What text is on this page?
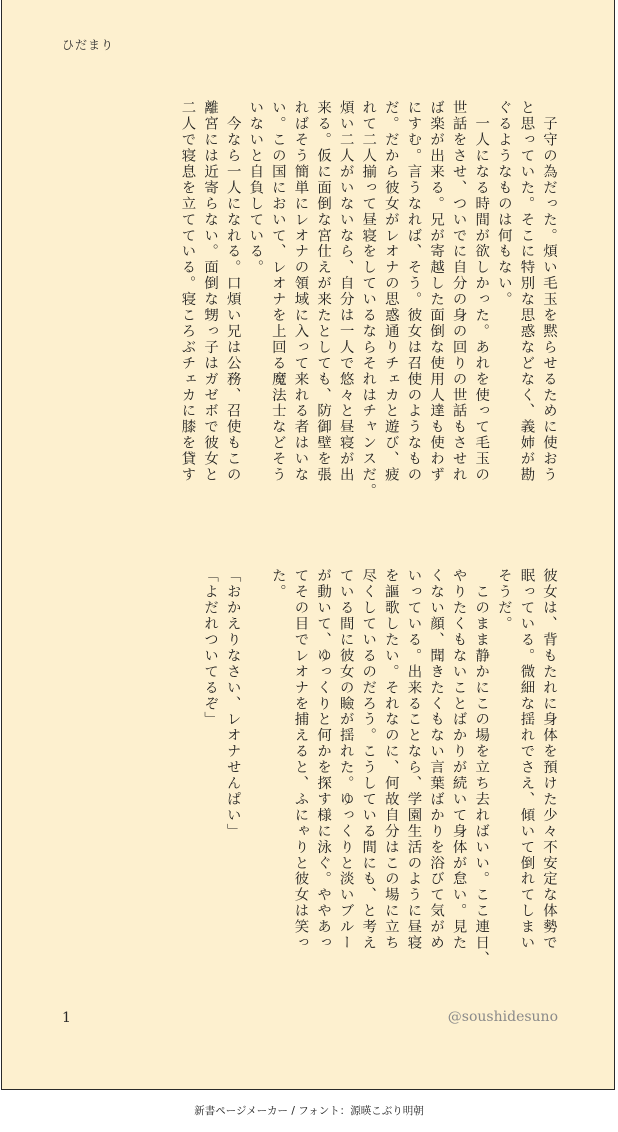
ひだまり

　子守の為だった。煩い毛玉を黙らせるために使おう

と思っていた。そこに特別な思惑などなく、義姉が勘

ぐるようなものは何もない。

　一人になる時間が欲しかった。あれを使って毛玉の

世話をさせ、ついでに自分の身の回りの世話もさせれ

ば楽が出来る。兄が寄越した面倒な使用人達も使わず

にすむ。言うなれば、そう。彼女は召使のようなもの

だ。だから彼女がレオナの思惑通りチェカと遊び、疲

れて二人揃って昼寝をしているならそれはチャンスだ。

煩い二人がいないなら、自分は一人で悠々と昼寝が出

来る。仮に面倒な宮仕えが来たとしても、防御壁を張

ればそう簡単にレオナの領域に入って来れる者はいな

い。この国において、レオナを上回る魔法士などそう

いないと自負している。

　今なら一人になれる。口煩い兄は公務、召使もこの

離宮には近寄らない。面倒な甥っ子はガゼボで彼女と

二人で寝息を立てている。寝ころぶチェカに膝を貸す

彼女は、背もたれに身体を預けた少々不安定な体勢で

眠っている。微細な揺れでさえ、傾いて倒れてしまい

そうだ。

　このまま静かにこの場を立ち去ればいい。ここ連日、

やりたくもないことばかりが続いて身体が怠い。見た

くない顔、聞きたくもない言葉ばかりを浴びて気がめ

いっている。出来ることなら、学園生活のように昼寝

を謳歌したい。それなのに、何故自分はこの場に立ち

尽くしているのだろう。こうしている間にも、と考え

ている間に彼女の瞼が揺れた。ゆっくりと淡いブルー

が動いて、ゆっくりと何かを探す様に泳ぐ。ややあっ

てその目でレオナを捕えると、ふにゃりと彼女は笑っ

た。

「おかえりなさい、レオナせんぱい」

「よだれついてるぞ」

1	@soushidesuno
新書ページメーカー / フォント：源暎こぶり明朝
